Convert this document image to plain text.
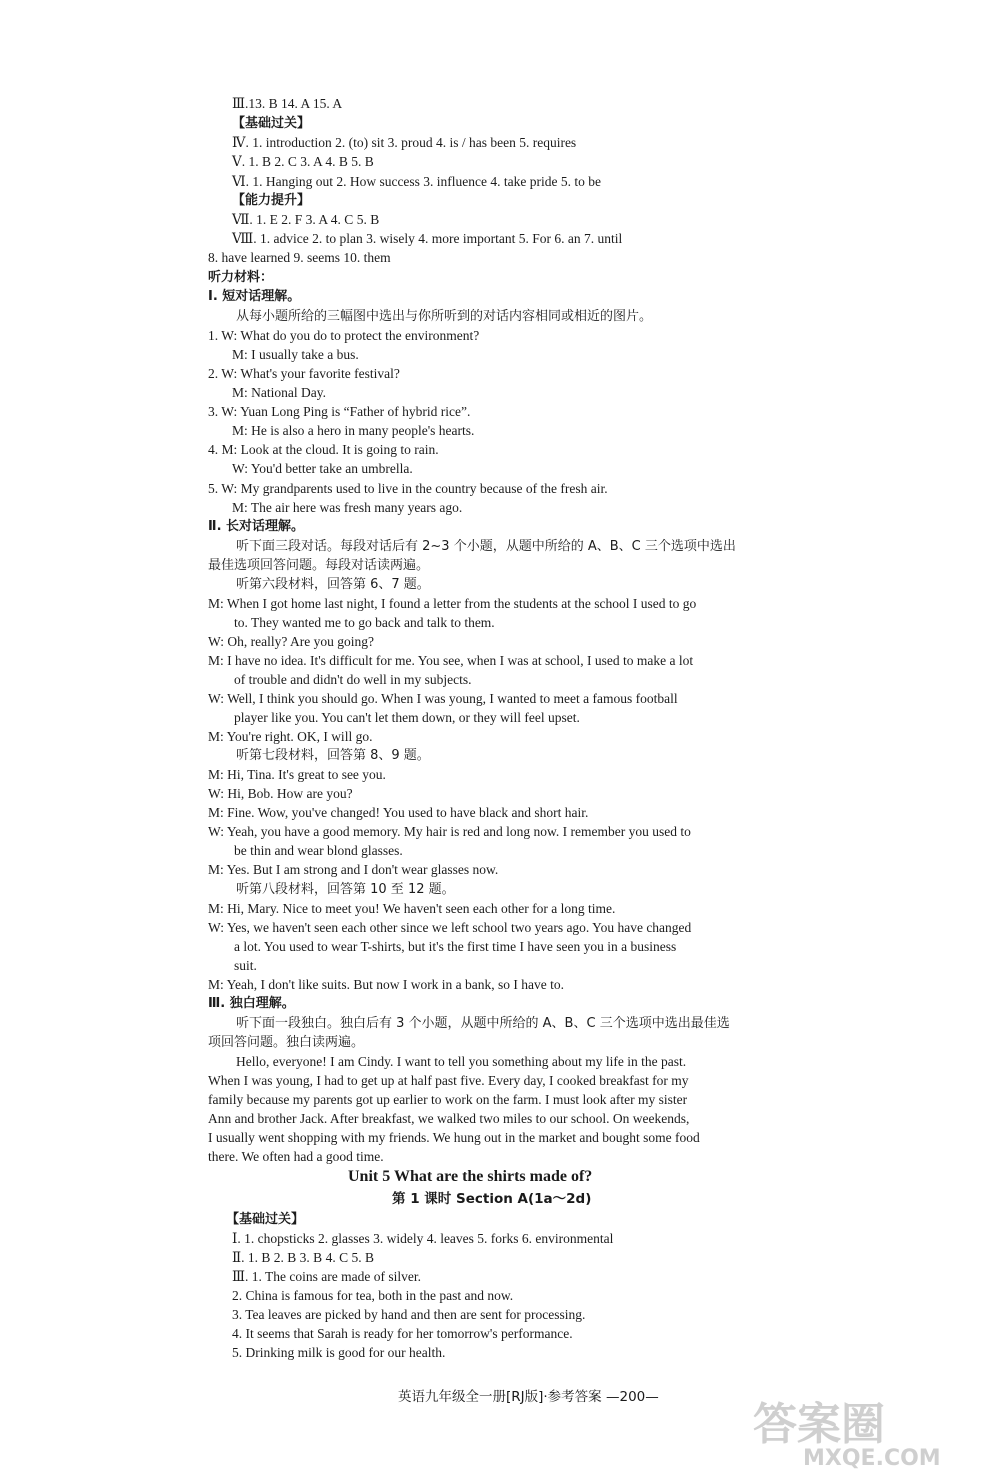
Ⅲ.13. B 14. A 15. A
【基础过关】
Ⅳ. 1. introduction 2. (to) sit 3. proud 4. is / has been 5. requires
Ⅴ. 1. B 2. C 3. A 4. B 5. B
Ⅵ. 1. Hanging out 2. How success 3. influence 4. take pride 5. to be
【能力提升】
Ⅶ. 1. E 2. F 3. A 4. C 5. B
Ⅷ. 1. advice 2. to plan 3. wisely 4. more important 5. For 6. an 7. until
8. have learned 9. seems 10. them
听力材料：
Ⅰ. 短对话理解。
从每小题所给的三幅图中选出与你所听到的对话内容相同或相近的图片。
1. W: What do you do to protect the environment?
M: I usually take a bus.
2. W: What's your favorite festival?
M: National Day.
3. W: Yuan Long Ping is “Father of hybrid rice”.
M: He is also a hero in many people's hearts.
4. M: Look at the cloud. It is going to rain.
W: You'd better take an umbrella.
5. W: My grandparents used to live in the country because of the fresh air.
M: The air here was fresh many years ago.
Ⅱ. 长对话理解。
听下面三段对话。每段对话后有 2~3 个小题，从题中所给的 A、B、C 三个选项中选出
最佳选项回答问题。每段对话读两遍。
听第六段材料，回答第 6、7 题。
M: When I got home last night, I found a letter from the students at the school I used to go
to. They wanted me to go back and talk to them.
W: Oh, really? Are you going?
M: I have no idea. It's difficult for me. You see, when I was at school, I used to make a lot
of trouble and didn't do well in my subjects.
W: Well, I think you should go. When I was young, I wanted to meet a famous football
player like you. You can't let them down, or they will feel upset.
M: You're right. OK, I will go.
听第七段材料，回答第 8、9 题。
M: Hi, Tina. It's great to see you.
W: Hi, Bob. How are you?
M: Fine. Wow, you've changed! You used to have black and short hair.
W: Yeah, you have a good memory. My hair is red and long now. I remember you used to
be thin and wear blond glasses.
M: Yes. But I am strong and I don't wear glasses now.
听第八段材料，回答第 10 至 12 题。
M: Hi, Mary. Nice to meet you! We haven't seen each other for a long time.
W: Yes, we haven't seen each other since we left school two years ago. You have changed
a lot. You used to wear T-shirts, but it's the first time I have seen you in a business
suit.
M: Yeah, I don't like suits. But now I work in a bank, so I have to.
Ⅲ. 独白理解。
听下面一段独白。独白后有 3 个小题，从题中所给的 A、B、C 三个选项中选出最佳选
项回答问题。独白读两遍。
Hello, everyone! I am Cindy. I want to tell you something about my life in the past.
When I was young, I had to get up at half past five. Every day, I cooked breakfast for my
family because my parents got up earlier to work on the farm. I must look after my sister
Ann and brother Jack. After breakfast, we walked two miles to our school. On weekends,
I usually went shopping with my friends. We hung out in the market and bought some food
there. We often had a good time.
Unit 5 What are the shirts made of?
第 1 课时 Section A(1a～2d)
【基础过关】
Ⅰ. 1. chopsticks 2. glasses 3. widely 4. leaves 5. forks 6. environmental
Ⅱ. 1. B 2. B 3. B 4. C 5. B
Ⅲ. 1. The coins are made of silver.
2. China is famous for tea, both in the past and now.
3. Tea leaves are picked by hand and then are sent for processing.
4. It seems that Sarah is ready for her tomorrow's performance.
5. Drinking milk is good for our health.
英语九年级全一册[RJ版]·参考答案 —200—
答案圈
MXQE.COM
